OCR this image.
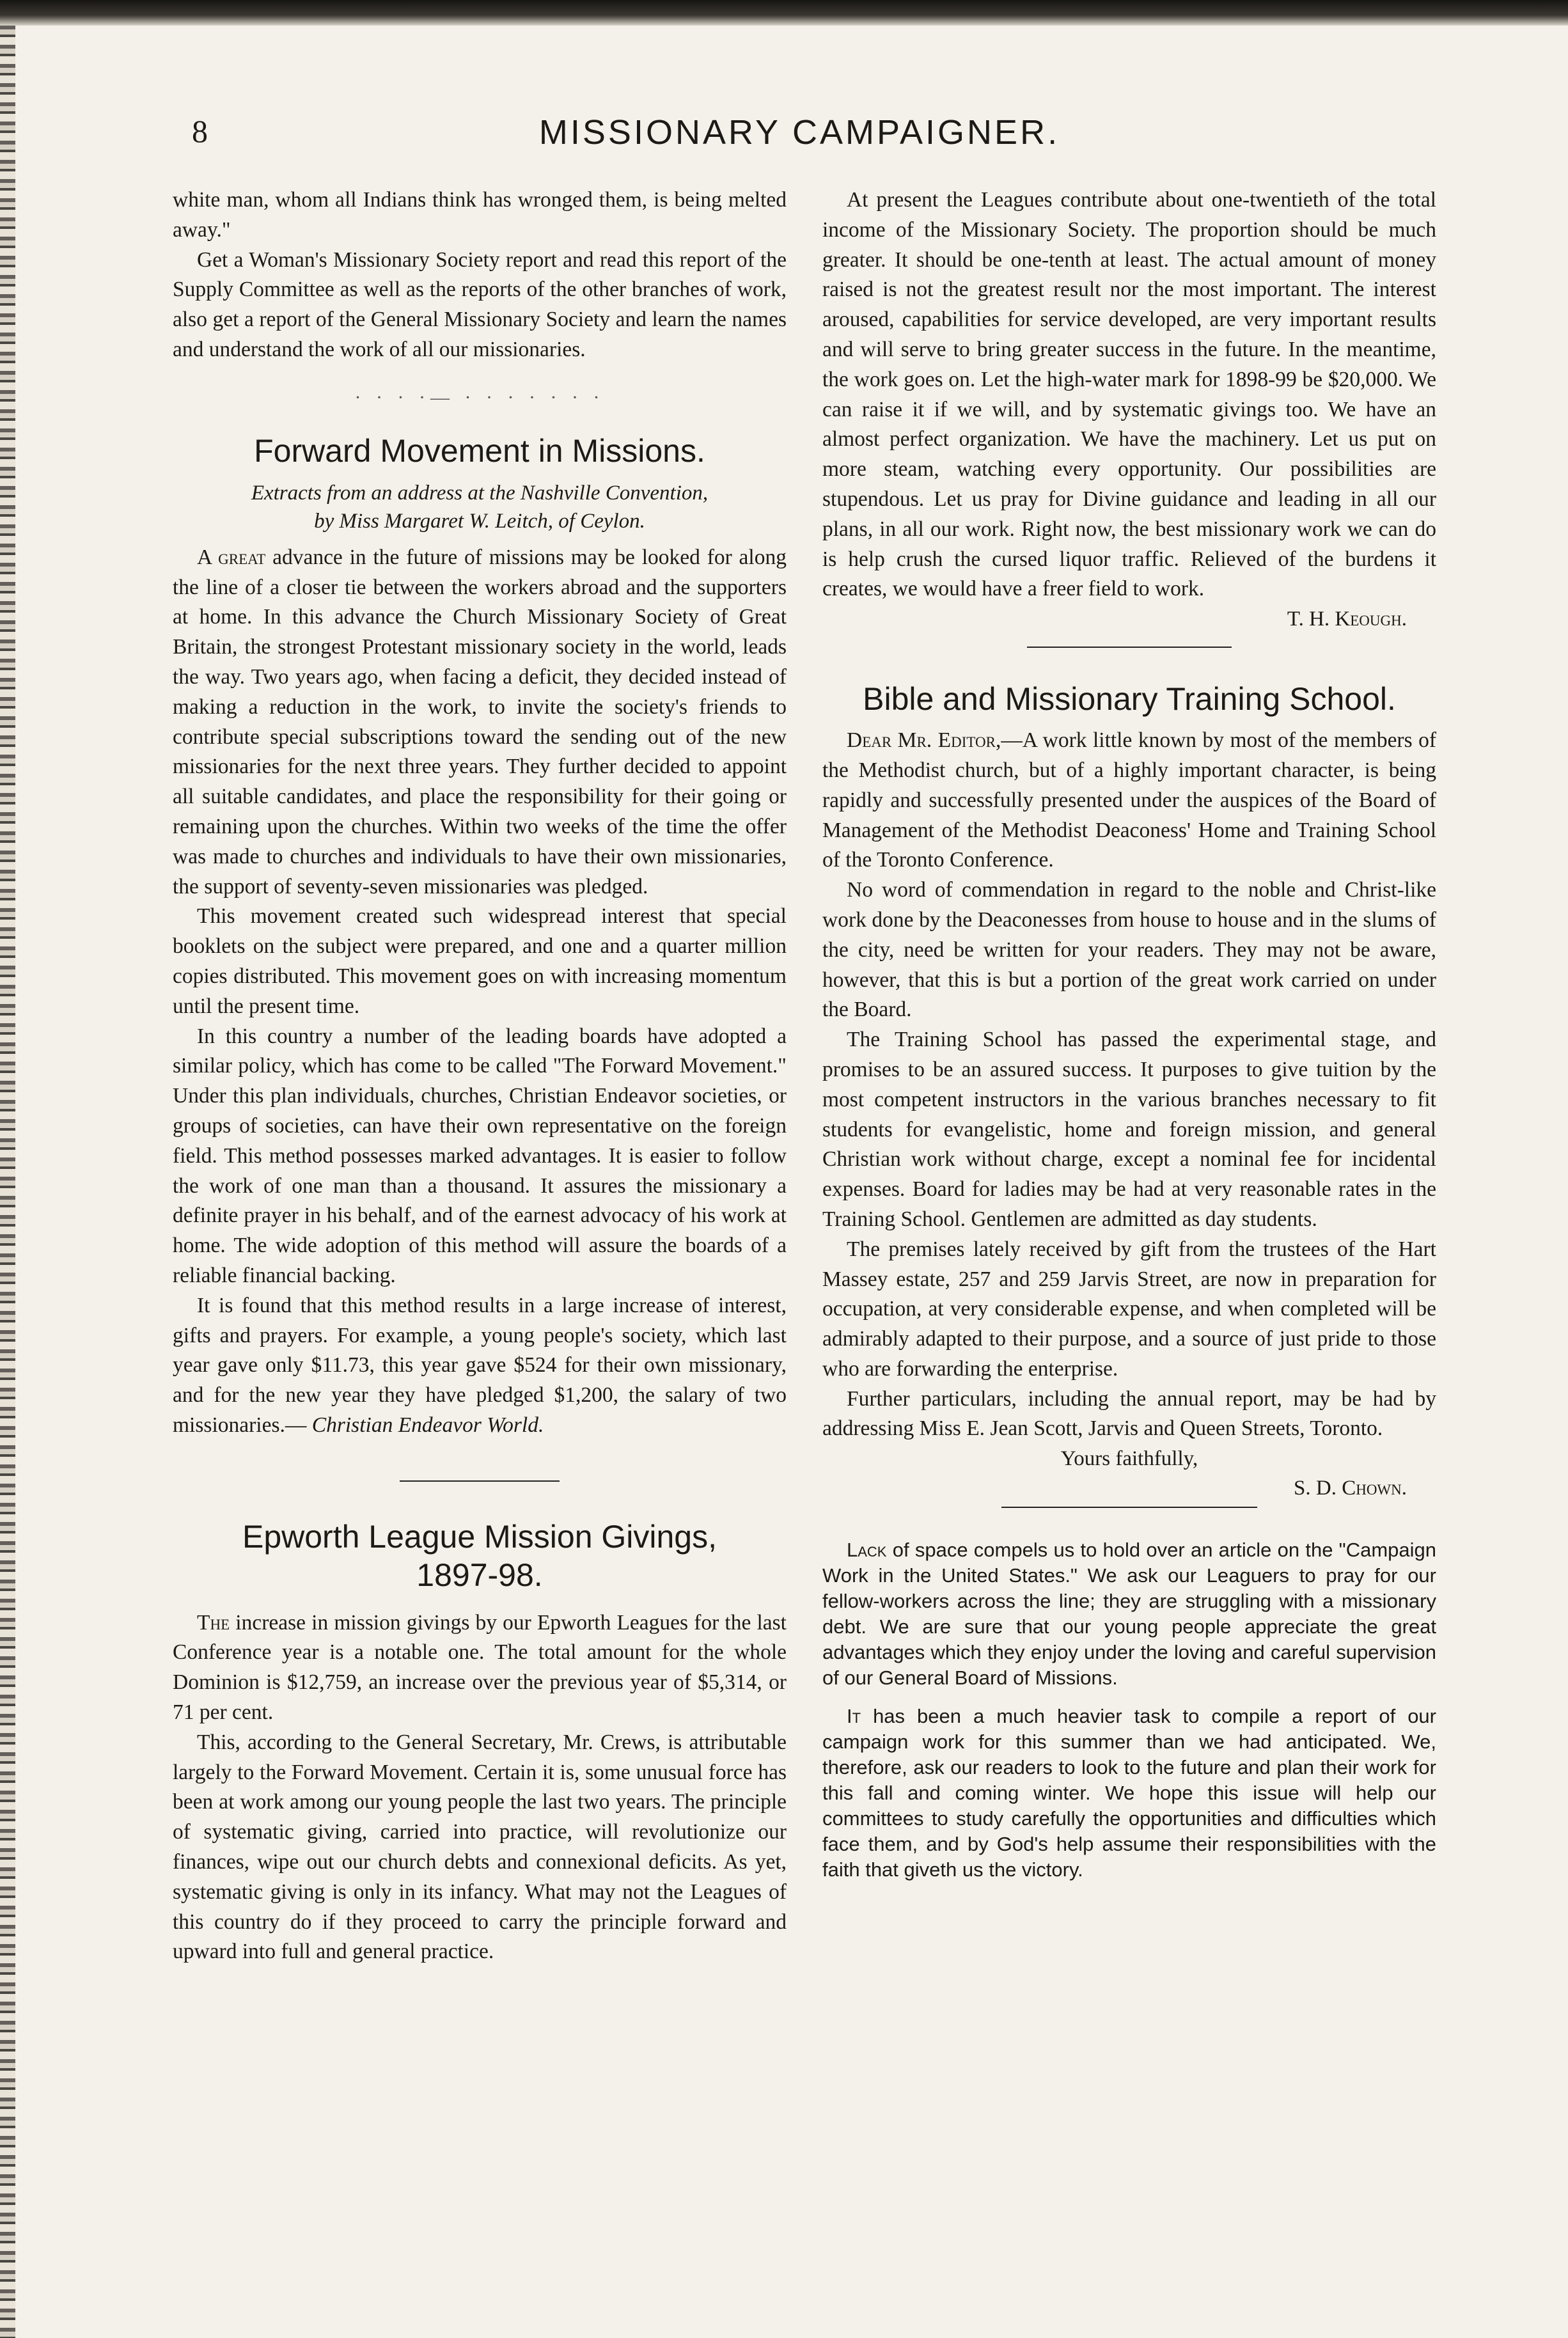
8	MISSIONARY CAMPAIGNER.

white man, whom all Indians think has wronged them, is being melted away."

Get a Woman's Missionary Society report and read this report of the Supply Committee as well as the reports of the other branches of work, also get a report of the General Missionary Society and learn the names and understand the work of all our missionaries.

· · · ·— · · · · · · ·
Forward Movement in Missions.
Extracts from an address at the Nashville Convention,
by Miss Margaret W. Leitch, of Ceylon.

A great advance in the future of missions may be looked for along the line of a closer tie between the workers abroad and the supporters at home. In this advance the Church Missionary Society of Great Britain, the strongest Protestant missionary society in the world, leads the way. Two years ago, when facing a deficit, they decided instead of making a reduction in the work, to invite the society's friends to contribute special subscriptions toward the sending out of the new missionaries for the next three years. They further decided to appoint all suitable candidates, and place the responsibility for their going or remaining upon the churches. Within two weeks of the time the offer was made to churches and individuals to have their own missionaries, the support of seventy-seven missionaries was pledged.

This movement created such widespread interest that special booklets on the subject were prepared, and one and a quarter million copies distributed. This movement goes on with increasing momentum until the present time.

In this country a number of the leading boards have adopted a similar policy, which has come to be called "The Forward Movement." Under this plan individuals, churches, Christian Endeavor societies, or groups of societies, can have their own representative on the foreign field. This method possesses marked advantages. It is easier to follow the work of one man than a thousand. It assures the missionary a definite prayer in his behalf, and of the earnest advocacy of his work at home. The wide adoption of this method will assure the boards of a reliable financial backing.

It is found that this method results in a large increase of interest, gifts and prayers. For example, a young people's society, which last year gave only $11.73, this year gave $524 for their own missionary, and for the new year they have pledged $1,200, the salary of two missionaries.— Christian Endeavor World.

Epworth League Mission Givings,
1897-98.

The increase in mission givings by our Epworth Leagues for the last Conference year is a notable one. The total amount for the whole Dominion is $12,759, an increase over the previous year of $5,314, or 71 per cent.

This, according to the General Secretary, Mr. Crews, is attributable largely to the Forward Movement. Certain it is, some unusual force has been at work among our young people the last two years. The principle of systematic giving, carried into practice, will revolutionize our finances, wipe out our church debts and connexional deficits. As yet, systematic giving is only in its infancy. What may not the Leagues of this country do if they proceed to carry the principle forward and upward into full and general practice.

At present the Leagues contribute about one-twentieth of the total income of the Missionary Society. The proportion should be much greater. It should be one-tenth at least. The actual amount of money raised is not the greatest result nor the most important. The interest aroused, capabilities for service developed, are very important results and will serve to bring greater success in the future. In the meantime, the work goes on. Let the high-water mark for 1898-99 be $20,000. We can raise it if we will, and by systematic givings too. We have an almost perfect organization. We have the machinery. Let us put on more steam, watching every opportunity. Our possibilities are stupendous. Let us pray for Divine guidance and leading in all our plans, in all our work. Right now, the best missionary work we can do is help crush the cursed liquor traffic. Relieved of the burdens it creates, we would have a freer field to work.

T. H. Keough.
Bible and Missionary Training School.

Dear Mr. Editor,—A work little known by most of the members of the Methodist church, but of a highly important character, is being rapidly and successfully presented under the auspices of the Board of Management of the Methodist Deaconess' Home and Training School of the Toronto Conference.

No word of commendation in regard to the noble and Christ-like work done by the Deaconesses from house to house and in the slums of the city, need be written for your readers. They may not be aware, however, that this is but a portion of the great work carried on under the Board.

The Training School has passed the experimental stage, and promises to be an assured success. It purposes to give tuition by the most competent instructors in the various branches necessary to fit students for evangelistic, home and foreign mission, and general Christian work without charge, except a nominal fee for incidental expenses. Board for ladies may be had at very reasonable rates in the Training School. Gentlemen are admitted as day students.

The premises lately received by gift from the trustees of the Hart Massey estate, 257 and 259 Jarvis Street, are now in preparation for occupation, at very considerable expense, and when completed will be admirably adapted to their purpose, and a source of just pride to those who are forwarding the enterprise.

Further particulars, including the annual report, may be had by addressing Miss E. Jean Scott, Jarvis and Queen Streets, Toronto.

Yours faithfully,
S. D. Chown.

Lack of space compels us to hold over an article on the "Campaign Work in the United States." We ask our Leaguers to pray for our fellow-workers across the line; they are struggling with a missionary debt. We are sure that our young people appreciate the great advantages which they enjoy under the loving and careful supervision of our General Board of Missions.

It has been a much heavier task to compile a report of our campaign work for this summer than we had anticipated. We, therefore, ask our readers to look to the future and plan their work for this fall and coming winter. We hope this issue will help our committees to study carefully the opportunities and difficulties which face them, and by God's help assume their responsibilities with the faith that giveth us the victory.
